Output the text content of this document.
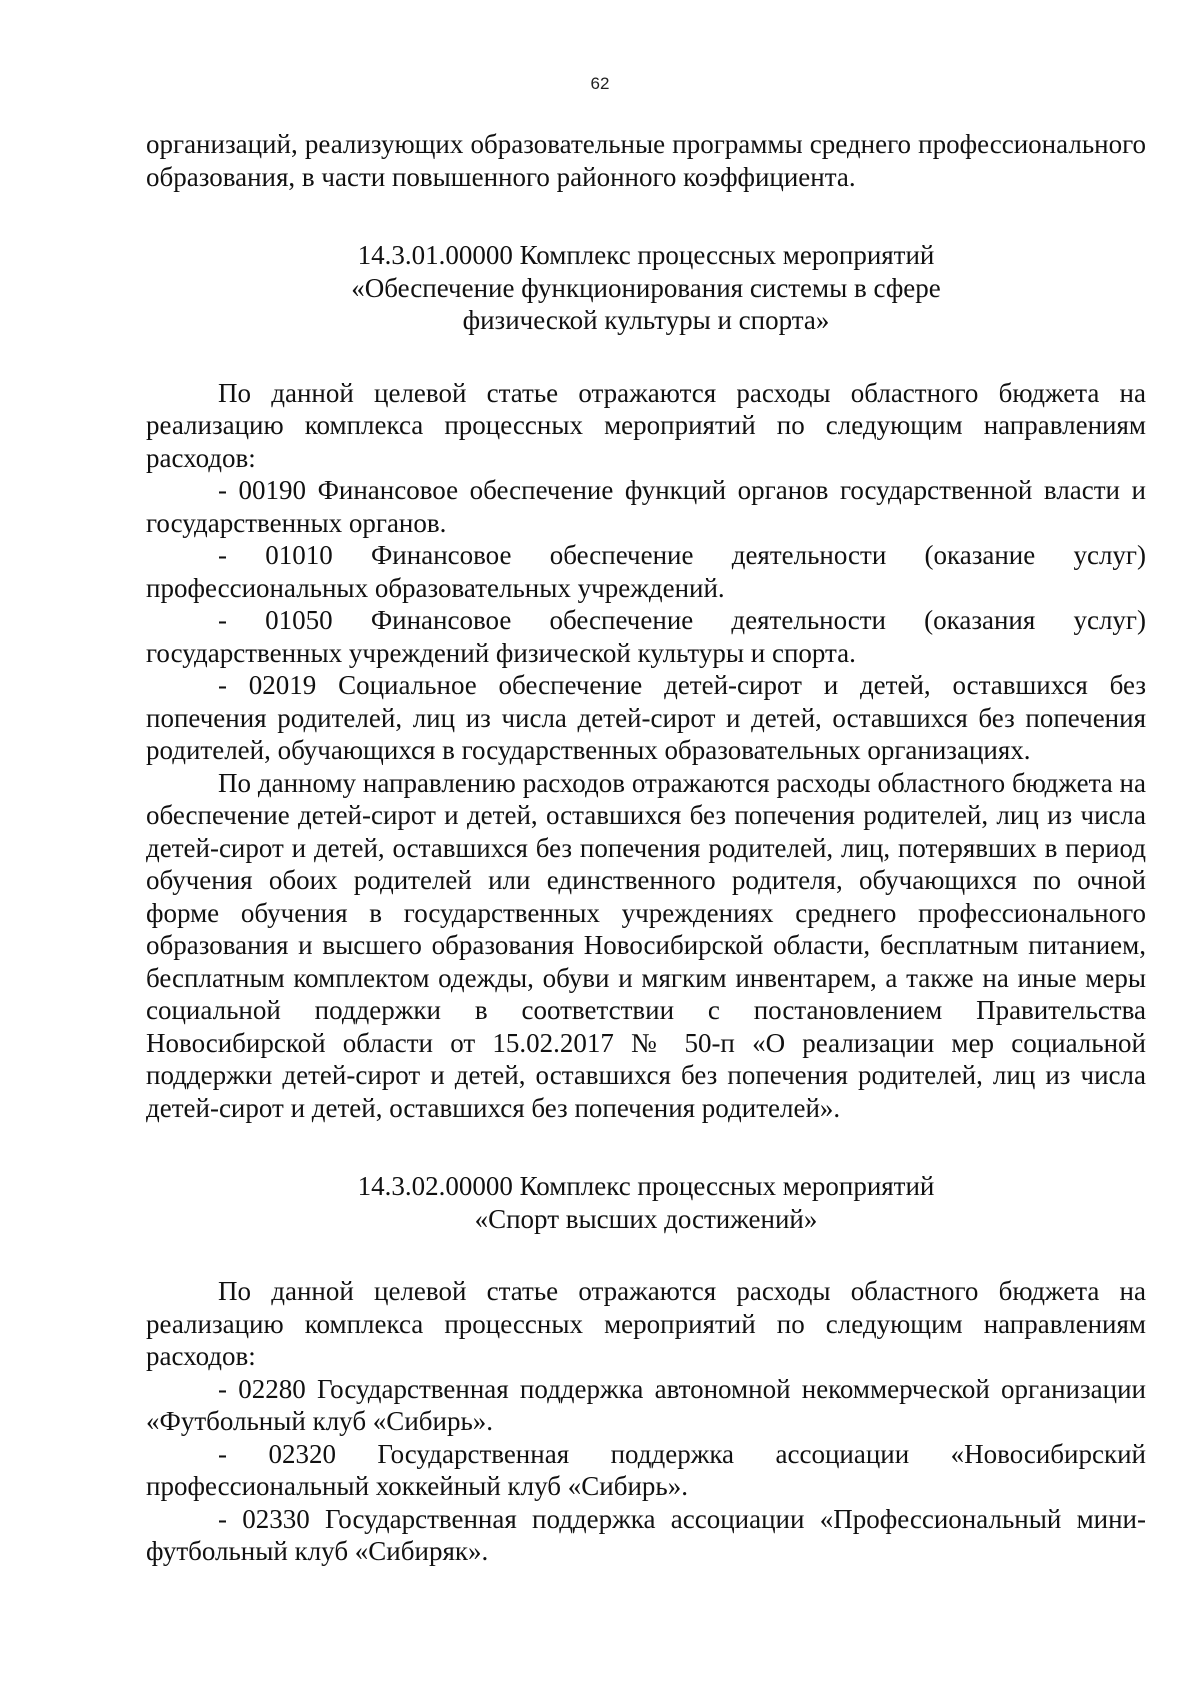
62

организаций, реализующих образовательные программы среднего профессионального образования, в части повышенного районного коэффициента.

14.3.01.00000 Комплекс процессных мероприятий
«Обеспечение функционирования системы в сфере
физической культуры и спорта»

По данной целевой статье отражаются расходы областного бюджета на реализацию комплекса процессных мероприятий по следующим направлениям расходов:

- 00190 Финансовое обеспечение функций органов государственной власти и государственных органов.

- 01010 Финансовое обеспечение деятельности (оказание услуг) профессиональных образовательных учреждений.

- 01050 Финансовое обеспечение деятельности (оказания услуг) государственных учреждений физической культуры и спорта.

- 02019 Социальное обеспечение детей-сирот и детей, оставшихся без попечения родителей, лиц из числа детей-сирот и детей, оставшихся без попечения родителей, обучающихся в государственных образовательных организациях.

По данному направлению расходов отражаются расходы областного бюджета на обеспечение детей-сирот и детей, оставшихся без попечения родителей, лиц из числа детей-сирот и детей, оставшихся без попечения родителей, лиц, потерявших в период обучения обоих родителей или единственного родителя, обучающихся по очной форме обучения в государственных учреждениях среднего профессионального образования и высшего образования Новосибирской области, бесплатным питанием, бесплатным комплектом одежды, обуви и мягким инвентарем, а также на иные меры социальной поддержки в соответствии с постановлением Правительства Новосибирской области от 15.02.2017 № 50-п «О реализации мер социальной поддержки детей-сирот и детей, оставшихся без попечения родителей, лиц из числа детей-сирот и детей, оставшихся без попечения родителей».

14.3.02.00000 Комплекс процессных мероприятий
«Спорт высших достижений»

По данной целевой статье отражаются расходы областного бюджета на реализацию комплекса процессных мероприятий по следующим направлениям расходов:

- 02280 Государственная поддержка автономной некоммерческой организации «Футбольный клуб «Сибирь».

- 02320 Государственная поддержка ассоциации «Новосибирский профессиональный хоккейный клуб «Сибирь».

- 02330 Государственная поддержка ассоциации «Профессиональный мини-футбольный клуб «Сибиряк».
